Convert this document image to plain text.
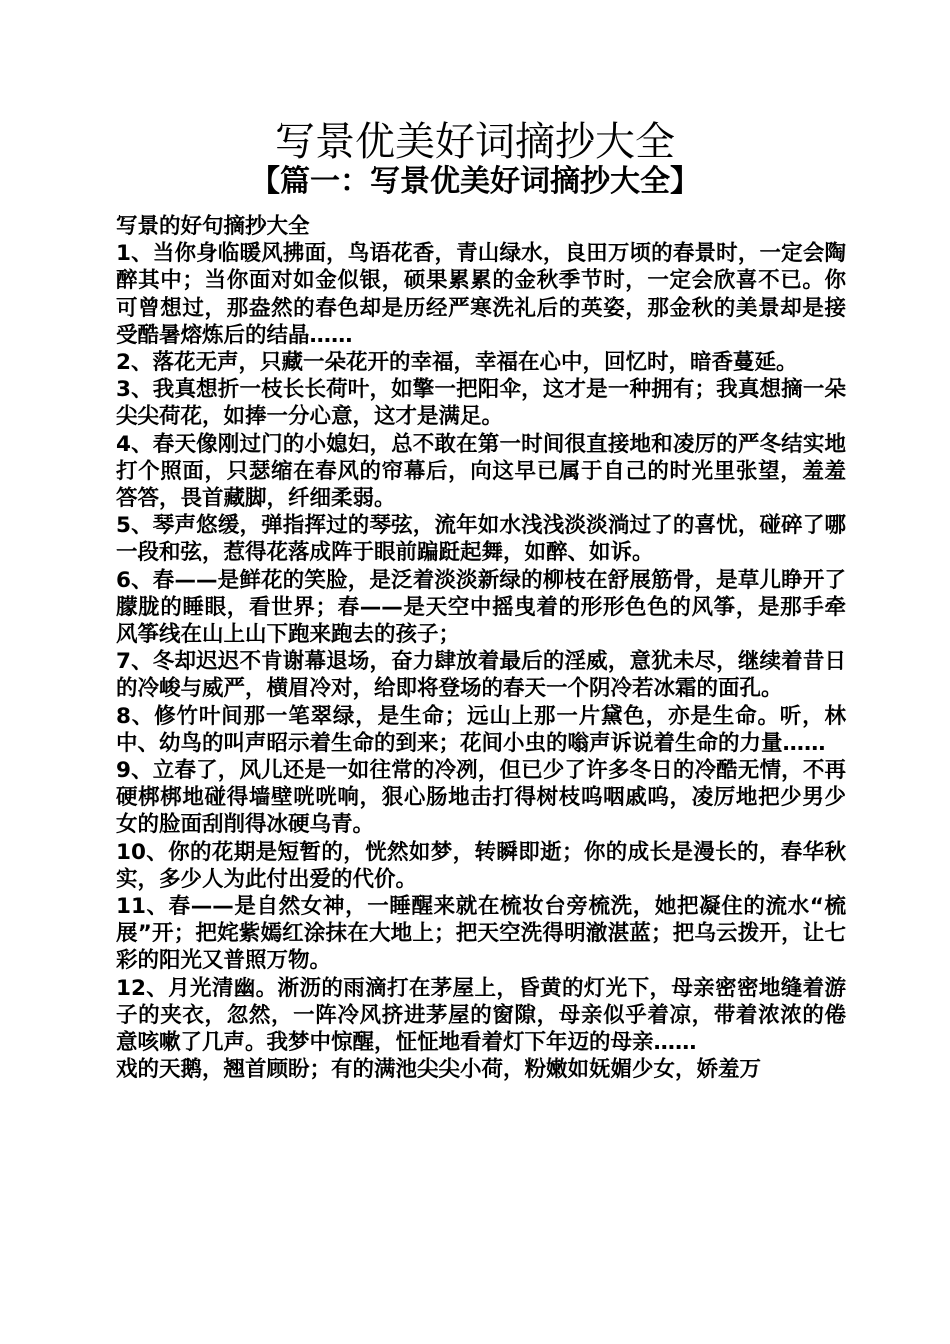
写景优美好词摘抄大全
【篇一：写景优美好词摘抄大全】

写景的好句摘抄大全

1、当你身临暖风拂面，鸟语花香，青山绿水，良田万顷的春景时，一定会陶醉其中；当你面对如金似银，硕果累累的金秋季节时，一定会欣喜不已。你可曾想过，那盎然的春色却是历经严寒洗礼后的英姿，那金秋的美景却是接受酷暑熔炼后的结晶……

2、落花无声，只藏一朵花开的幸福，幸福在心中，回忆时，暗香蔓延。

3、我真想折一枝长长荷叶，如擎一把阳伞，这才是一种拥有；我真想摘一朵尖尖荷花，如捧一分心意，这才是满足。

4、春天像刚过门的小媳妇，总不敢在第一时间很直接地和凌厉的严冬结实地打个照面，只瑟缩在春风的帘幕后，向这早已属于自己的时光里张望，羞羞答答，畏首藏脚，纤细柔弱。

5、琴声悠缓，弹指挥过的琴弦，流年如水浅浅淡淡淌过了的喜忧，碰碎了哪一段和弦，惹得花落成阵于眼前蹁跹起舞，如醉、如诉。

6、春——是鲜花的笑脸，是泛着淡淡新绿的柳枝在舒展筋骨，是草儿睁开了朦胧的睡眼，看世界；春——是天空中摇曳着的形形色色的风筝，是那手牵风筝线在山上山下跑来跑去的孩子；

7、冬却迟迟不肯谢幕退场，奋力肆放着最后的淫威，意犹未尽，继续着昔日的冷峻与威严，横眉冷对，给即将登场的春天一个阴冷若冰霜的面孔。

8、修竹叶间那一笔翠绿，是生命；远山上那一片黛色，亦是生命。听，林中、幼鸟的叫声昭示着生命的到来；花间小虫的嗡声诉说着生命的力量……

9、立春了，风儿还是一如往常的冷冽，但已少了许多冬日的冷酷无情，不再硬梆梆地碰得墙壁咣咣响，狠心肠地击打得树枝呜咽戚呜，凌厉地把少男少女的脸面刮削得冰硬乌青。

10、你的花期是短暂的，恍然如梦，转瞬即逝；你的成长是漫长的，春华秋实，多少人为此付出爱的代价。

11、春——是自然女神，一睡醒来就在梳妆台旁梳洗，她把凝住的流水“梳展”开；把姹紫嫣红涂抹在大地上；把天空洗得明澈湛蓝；把乌云拨开，让七彩的阳光又普照万物。

12、月光清幽。淅沥的雨滴打在茅屋上，昏黄的灯光下，母亲密密地缝着游子的夹衣，忽然，一阵冷风挤进茅屋的窗隙，母亲似乎着凉，带着浓浓的倦意咳嗽了几声。我梦中惊醒，怔怔地看着灯下年迈的母亲……

戏的天鹅，翘首顾盼；有的满池尖尖小荷，粉嫩如妩媚少女，娇羞万
